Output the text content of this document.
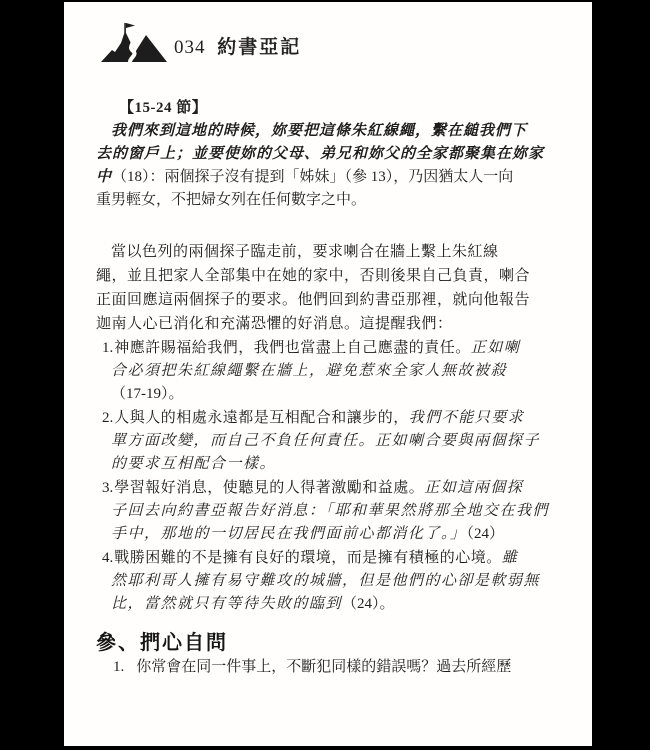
034 約書亞記
【15-24 節】
我們來到這地的時候，妳要把這條朱紅線繩，繫在縋我們下
去的窗戶上；並要使妳的父母、弟兄和妳父的全家都聚集在妳家
中（18）：兩個探子沒有提到「姊妹」（參 13），乃因猶太人一向
重男輕女，不把婦女列在任何數字之中。
當以色列的兩個探子臨走前，要求喇合在牆上繫上朱紅線
繩，並且把家人全部集中在她的家中，否則後果自己負責，喇合
正面回應這兩個探子的要求。他們回到約書亞那裡，就向他報告
迦南人心已消化和充滿恐懼的好消息。這提醒我們：
1.神應許賜福給我們，我們也當盡上自己應盡的責任。正如喇
合必須把朱紅線繩繫在牆上，避免惹來全家人無故被殺
（17-19）。
2.人與人的相處永遠都是互相配合和讓步的，我們不能只要求
單方面改變，而自己不負任何責任。正如喇合要與兩個探子
的要求互相配合一樣。
3.學習報好消息，使聽見的人得著激勵和益處。正如這兩個探
子回去向約書亞報告好消息：「耶和華果然將那全地交在我們
手中，那地的一切居民在我們面前心都消化了。」（24）
4.戰勝困難的不是擁有良好的環境，而是擁有積極的心境。雖
然耶利哥人擁有易守難攻的城牆，但是他們的心卻是軟弱無
比，當然就只有等待失敗的臨到（24）。
參、捫心自問
1. 你常會在同一件事上，不斷犯同樣的錯誤嗎？過去所經歷
